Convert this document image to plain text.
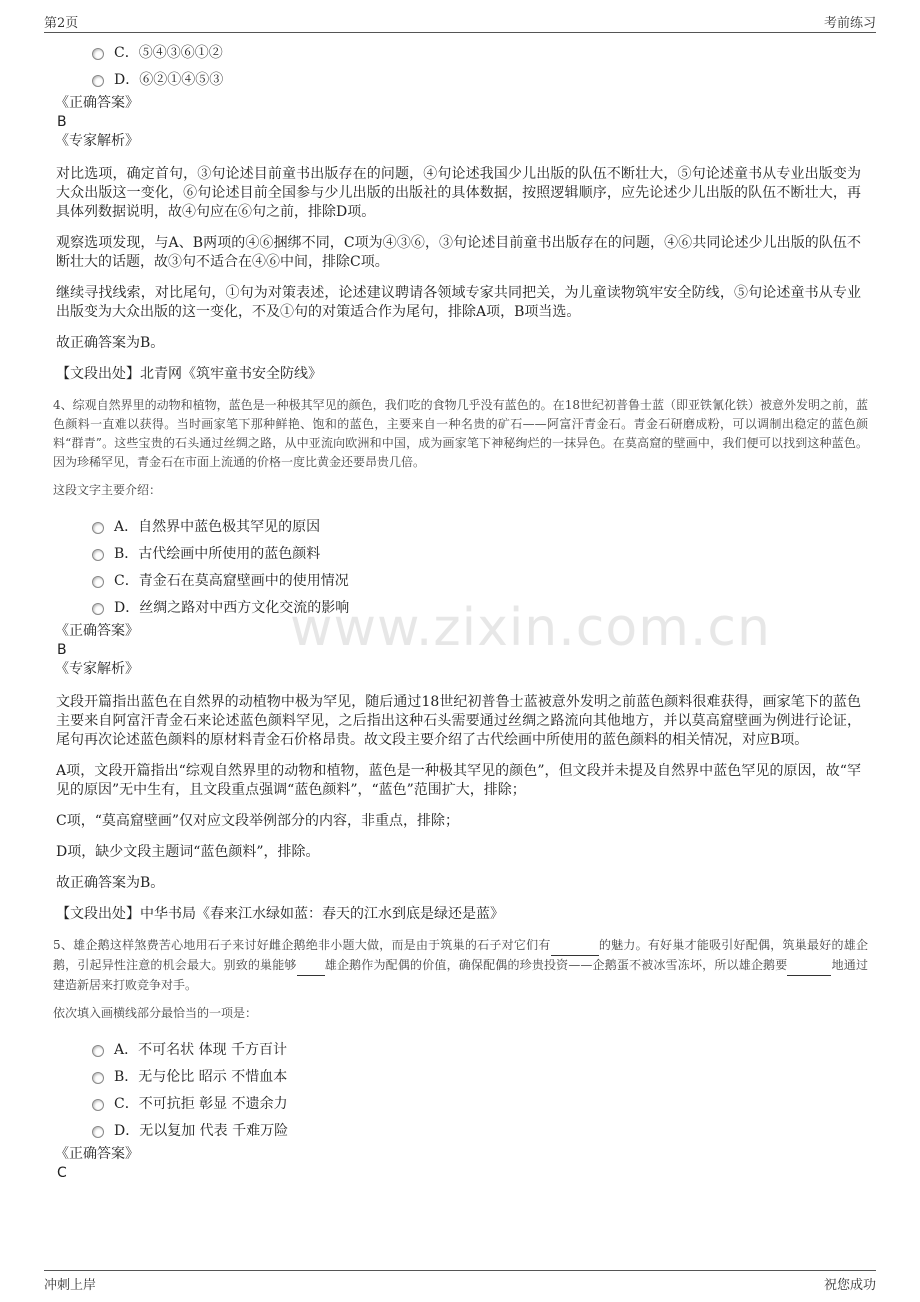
第2页	考前练习
www.zixin.com.cn
C．⑤④③⑥①②
D．⑥②①④⑤③
《正确答案》
B
《专家解析》

对比选项，确定首句，③句论述目前童书出版存在的问题，④句论述我国少儿出版的队伍不断壮大，⑤句论述童书从专业出版变为大众出版这一变化，⑥句论述目前全国参与少儿出版的出版社的具体数据，按照逻辑顺序，应先论述少儿出版的队伍不断壮大，再具体列数据说明，故④句应在⑥句之前，排除D项。

观察选项发现，与A、B两项的④⑥捆绑不同，C项为④③⑥，③句论述目前童书出版存在的问题，④⑥共同论述少儿出版的队伍不断壮大的话题，故③句不适合在④⑥中间，排除C项。

继续寻找线索，对比尾句，①句为对策表述，论述建议聘请各领域专家共同把关，为儿童读物筑牢安全防线，⑤句论述童书从专业出版变为大众出版的这一变化，不及①句的对策适合作为尾句，排除A项，B项当选。

故正确答案为B。

【文段出处】北青网《筑牢童书安全防线》

4、综观自然界里的动物和植物，蓝色是一种极其罕见的颜色，我们吃的食物几乎没有蓝色的。在18世纪初普鲁士蓝（即亚铁氰化铁）被意外发明之前，蓝色颜料一直难以获得。当时画家笔下那种鲜艳、饱和的蓝色，主要来自一种名贵的矿石——阿富汗青金石。青金石研磨成粉，可以调制出稳定的蓝色颜料“群青”。这些宝贵的石头通过丝绸之路，从中亚流向欧洲和中国，成为画家笔下神秘绚烂的一抹异色。在莫高窟的壁画中，我们便可以找到这种蓝色。因为珍稀罕见，青金石在市面上流通的价格一度比黄金还要昂贵几倍。
这段文字主要介绍：
A．自然界中蓝色极其罕见的原因
B．古代绘画中所使用的蓝色颜料
C．青金石在莫高窟壁画中的使用情况
D．丝绸之路对中西方文化交流的影响
《正确答案》
B
《专家解析》

文段开篇指出蓝色在自然界的动植物中极为罕见，随后通过18世纪初普鲁士蓝被意外发明之前蓝色颜料很难获得，画家笔下的蓝色主要来自阿富汗青金石来论述蓝色颜料罕见，之后指出这种石头需要通过丝绸之路流向其他地方，并以莫高窟壁画为例进行论证，尾句再次论述蓝色颜料的原材料青金石价格昂贵。故文段主要介绍了古代绘画中所使用的蓝色颜料的相关情况，对应B项。

A项，文段开篇指出“综观自然界里的动物和植物，蓝色是一种极其罕见的颜色”，但文段并未提及自然界中蓝色罕见的原因，故“罕见的原因”无中生有，且文段重点强调“蓝色颜料”，“蓝色”范围扩大，排除；

C项，“莫高窟壁画”仅对应文段举例部分的内容，非重点，排除；

D项，缺少文段主题词“蓝色颜料”，排除。

故正确答案为B。

【文段出处】中华书局《春来江水绿如蓝：春天的江水到底是绿还是蓝》

5、雄企鹅这样煞费苦心地用石子来讨好雌企鹅绝非小题大做，而是由于筑巢的石子对它们有	的魅力。有好巢才能吸引好配偶，筑巢最好的雄企鹅，引起异性注意的机会最大。别致的巢能够 雄企鹅作为配偶的价值，确保配偶的珍贵投资——企鹅蛋不被冰雪冻坏，所以雄企鹅要	地通过建造新居来打败竞争对手。
依次填入画横线部分最恰当的一项是：
A．不可名状 体现 千方百计
B．无与伦比 昭示 不惜血本
C．不可抗拒 彰显 不遗余力
D．无以复加 代表 千难万险
《正确答案》
C
冲刺上岸	祝您成功
